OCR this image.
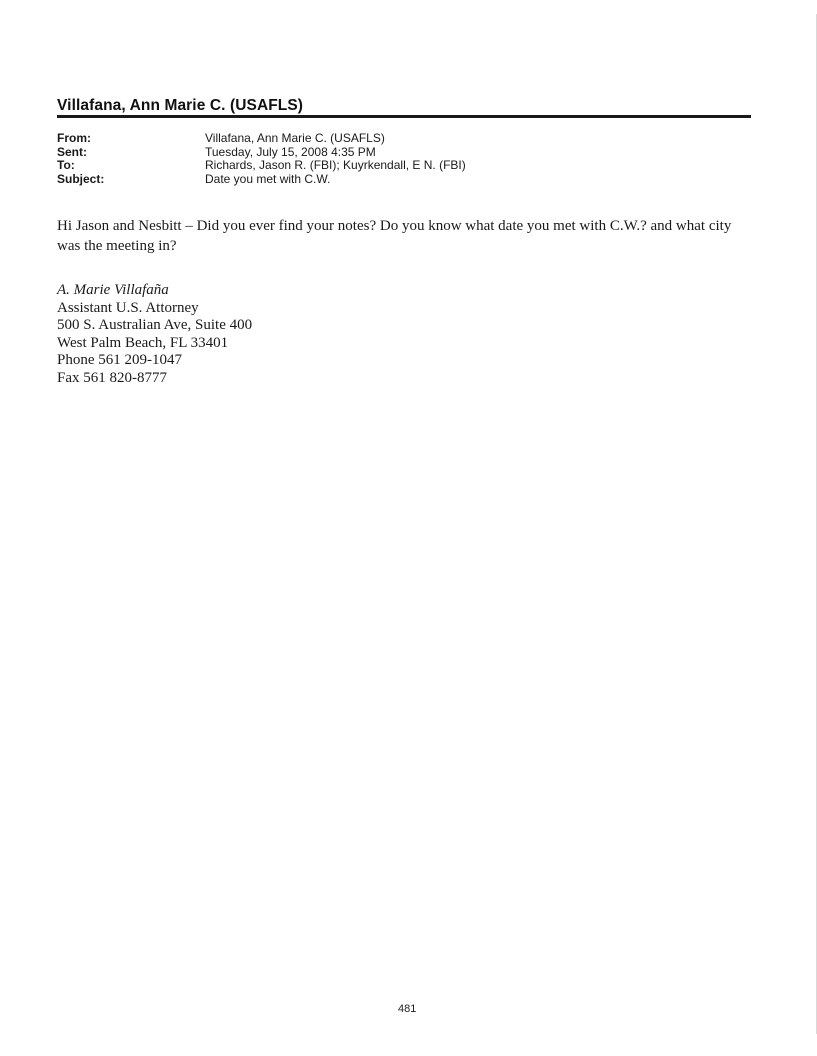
Villafana, Ann Marie C. (USAFLS)
From:	Villafana, Ann Marie C. (USAFLS)
Sent:	Tuesday, July 15, 2008 4:35 PM
To:	Richards, Jason R. (FBI); Kuyrkendall, E N. (FBI)
Subject:	Date you met with C.W.
Hi Jason and Nesbitt – Did you ever find your notes? Do you know what date you met with C.W.? and what city was the meeting in?
A. Marie Villafaña
Assistant U.S. Attorney
500 S. Australian Ave, Suite 400
West Palm Beach, FL 33401
Phone 561 209-1047
Fax 561 820-8777
481
